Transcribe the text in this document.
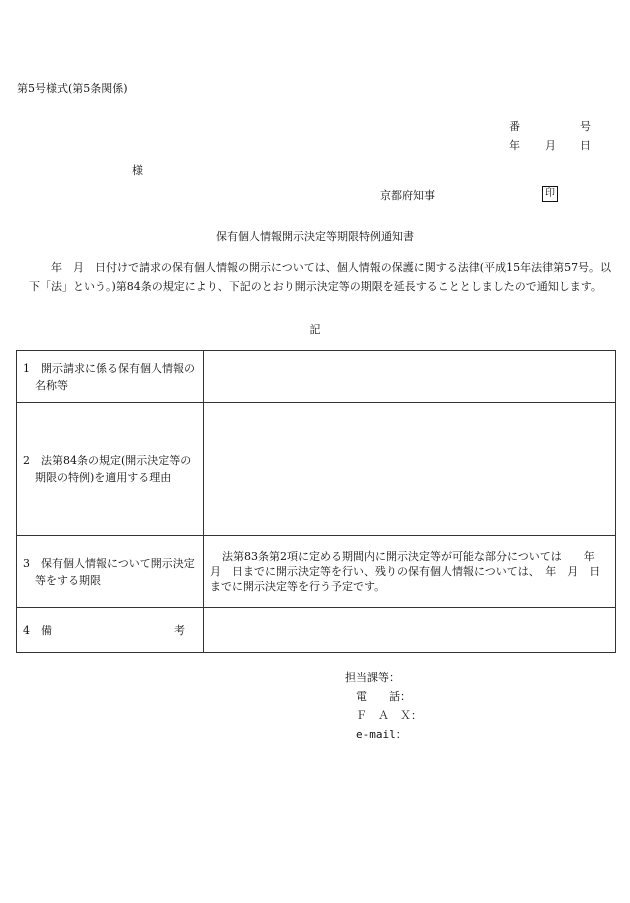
第5号様式(第5条関係)
番	号
年 月 日
様
京都府知事	印
保有個人情報開示決定等期限特例通知書
年　月　日付けで請求の保有個人情報の開示については、個人情報の保護に関する法律(平成15年法律第57号。以下「法」という。)第84条の規定により、下記のとおり開示決定等の期限を延長することとしましたので通知します。
記
1　開示請求に係る保有個人情報の名称等	

2　法第84条の規定(開示決定等の期限の特例)を適用する理由	

3　保有個人情報について開示決定等をする期限	法第83条第2項に定める期間内に開示決定等が可能な部分については　　年　月　日までに開示決定等を行い、残りの保有個人情報については、　年　月　日までに開示決定等を行う予定です。

4　備 考	

担当課等：
電　　話：
Ｆ　Ａ　Ｘ：
e-mail：
